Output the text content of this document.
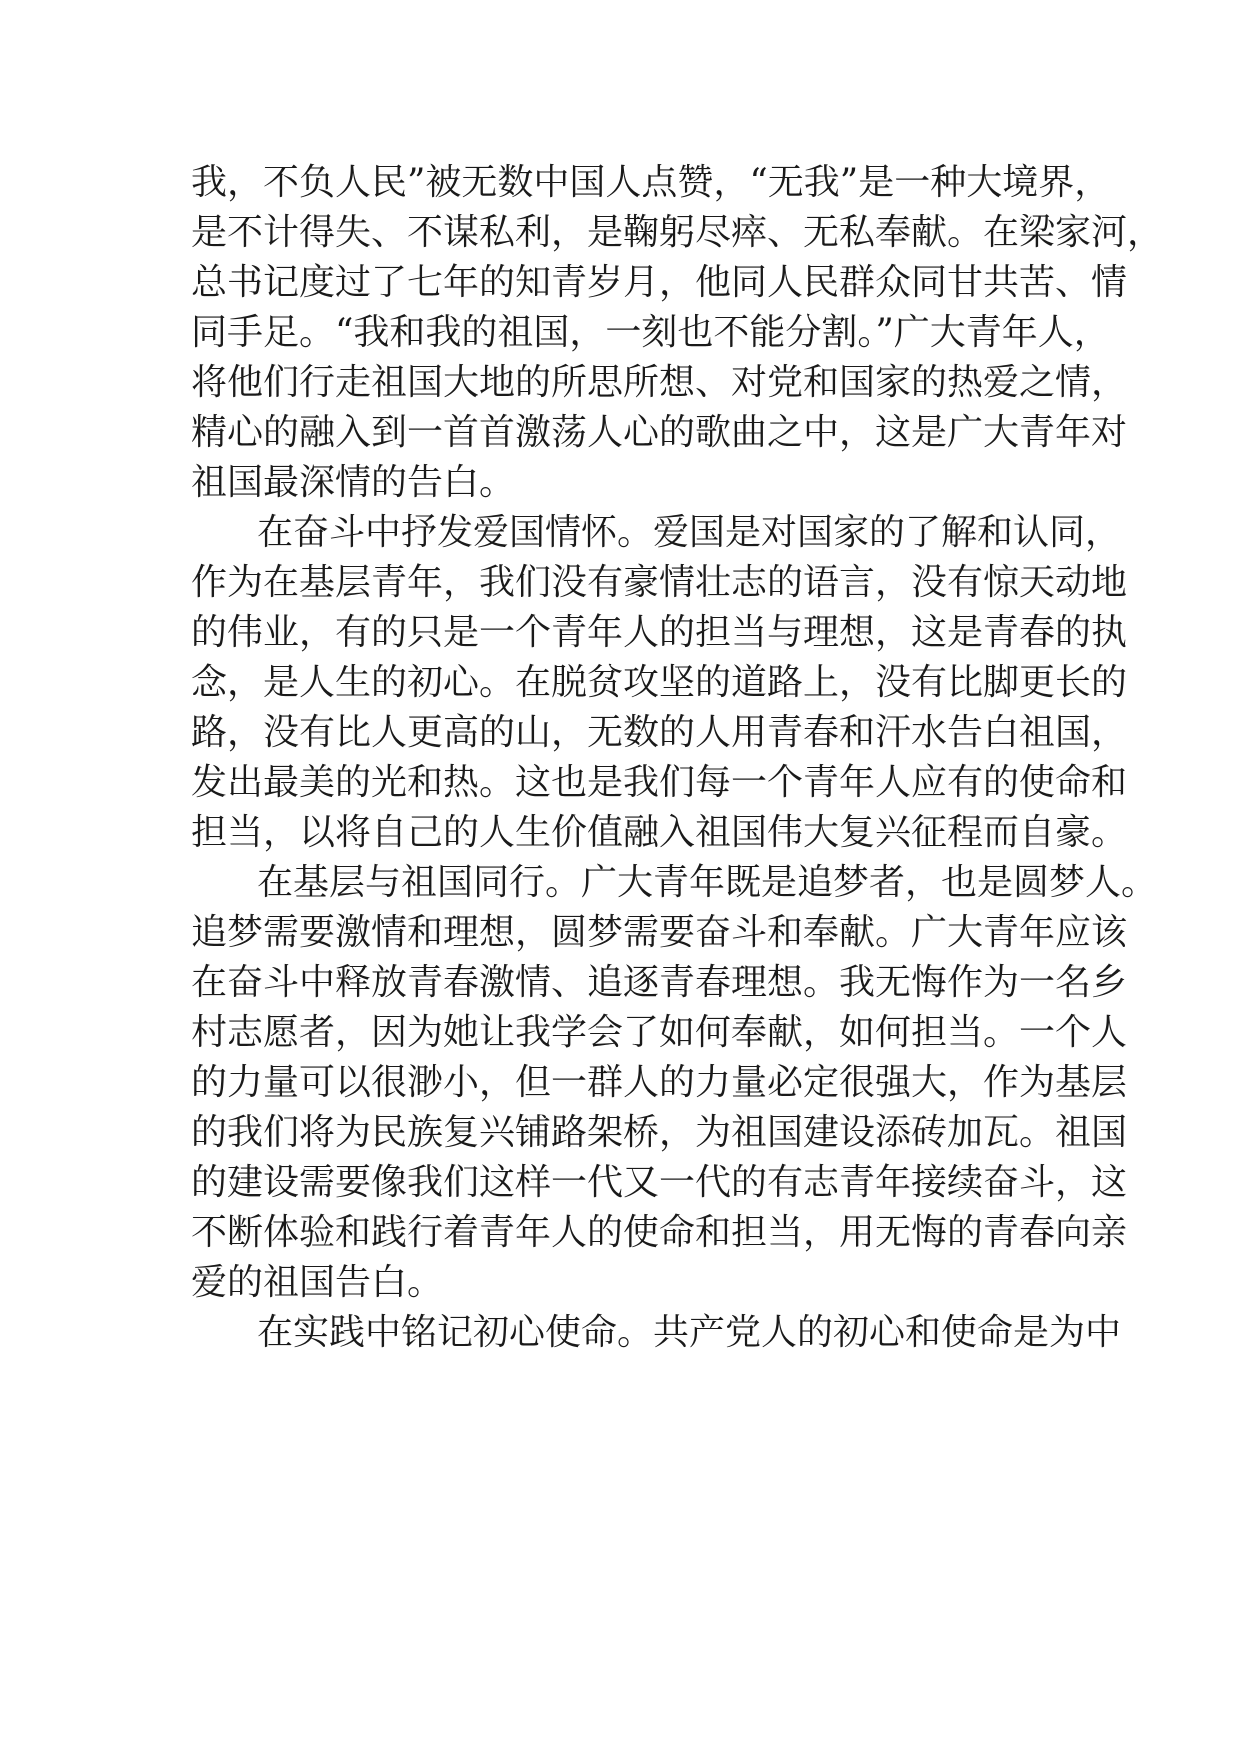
我，不负人民”被无数中国人点赞，“无我”是一种大境界，
是不计得失、不谋私利，是鞠躬尽瘁、无私奉献。在梁家河，
总书记度过了七年的知青岁月，他同人民群众同甘共苦、情
同手足。“我和我的祖国，一刻也不能分割。”广大青年人，
将他们行走祖国大地的所思所想、对党和国家的热爱之情，
精心的融入到一首首激荡人心的歌曲之中，这是广大青年对
祖国最深情的告白。
在奋斗中抒发爱国情怀。爱国是对国家的了解和认同，
作为在基层青年，我们没有豪情壮志的语言，没有惊天动地
的伟业，有的只是一个青年人的担当与理想，这是青春的执
念，是人生的初心。在脱贫攻坚的道路上，没有比脚更长的
路，没有比人更高的山，无数的人用青春和汗水告白祖国，
发出最美的光和热。这也是我们每一个青年人应有的使命和
担当，以将自己的人生价值融入祖国伟大复兴征程而自豪。
在基层与祖国同行。广大青年既是追梦者，也是圆梦人。
追梦需要激情和理想，圆梦需要奋斗和奉献。广大青年应该
在奋斗中释放青春激情、追逐青春理想。我无悔作为一名乡
村志愿者，因为她让我学会了如何奉献，如何担当。一个人
的力量可以很渺小，但一群人的力量必定很强大，作为基层
的我们将为民族复兴铺路架桥，为祖国建设添砖加瓦。祖国
的建设需要像我们这样一代又一代的有志青年接续奋斗，这
不断体验和践行着青年人的使命和担当，用无悔的青春向亲
爱的祖国告白。
在实践中铭记初心使命。共产党人的初心和使命是为中
